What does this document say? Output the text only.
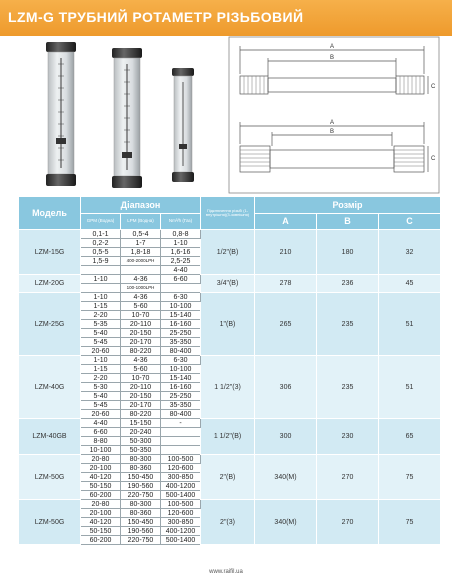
LZM-G ТРУБНИЙ РОТАМЕТР РІЗЬБОВИЙ
A
B
C
A
B
C
Модель	Діапазон			Підключення різьбі (1-внутрішня)(3-зовнішня)	Розмір		
	GPM (Водна)	LPM (Водна)	Nm³/h (Газ)		A	B	C
LZM-15G	0,1-1	0,5-4	0,8-8	1/2"(B)	210	180	32
	0,2-2	1-7	1-10				
	0,5-5	1,8-18	1,6-16				
	1,5-9	400-2000LPH	2,5-25				
			4-40				
LZM-20G	1-10	4-36	6-60	3/4"(B)	278	236	45
		100-1000LPH					
LZM-25G	1-10	4-36	6-30	1"(B)	265	235	51
	1-15	5-60	10-100				
	2-20	10-70	15-140				
	5-35	20-110	16-160				
	5-40	20-150	25-250				
	5-45	20-170	35-350				
	20-60	80-220	80-400				
LZM-40G	1-10	4-36	6-30	1 1/2"(3)	306	235	51
	1-15	5-60	10-100				
	2-20	10-70	15-140				
	5-30	20-110	16-160				
	5-40	20-150	25-250				
	5-45	20-170	35-350				
	20-60	80-220	80-400				
LZM-40GB	4-40	15-150	-	1 1/2"(B)	300	230	65
	6-60	20-240					
	8-80	50-300					
	10-100	50-350					
LZM-50G	20-80	80-300	100-500	2"(B)	340(M)	270	75
	20-100	80-360	120-600				
	40-120	150-450	300-850				
	50-150	190-560	400-1200				
	60-200	220-750	500-1400				
LZM-50G	20-80	80-300	100-500	2"(3)	340(M)	270	75
	20-100	80-360	120-600				
	40-120	150-450	300-850				
	50-150	190-560	400-1200				
	60-200	220-750	500-1400				
www.raifil.ua
